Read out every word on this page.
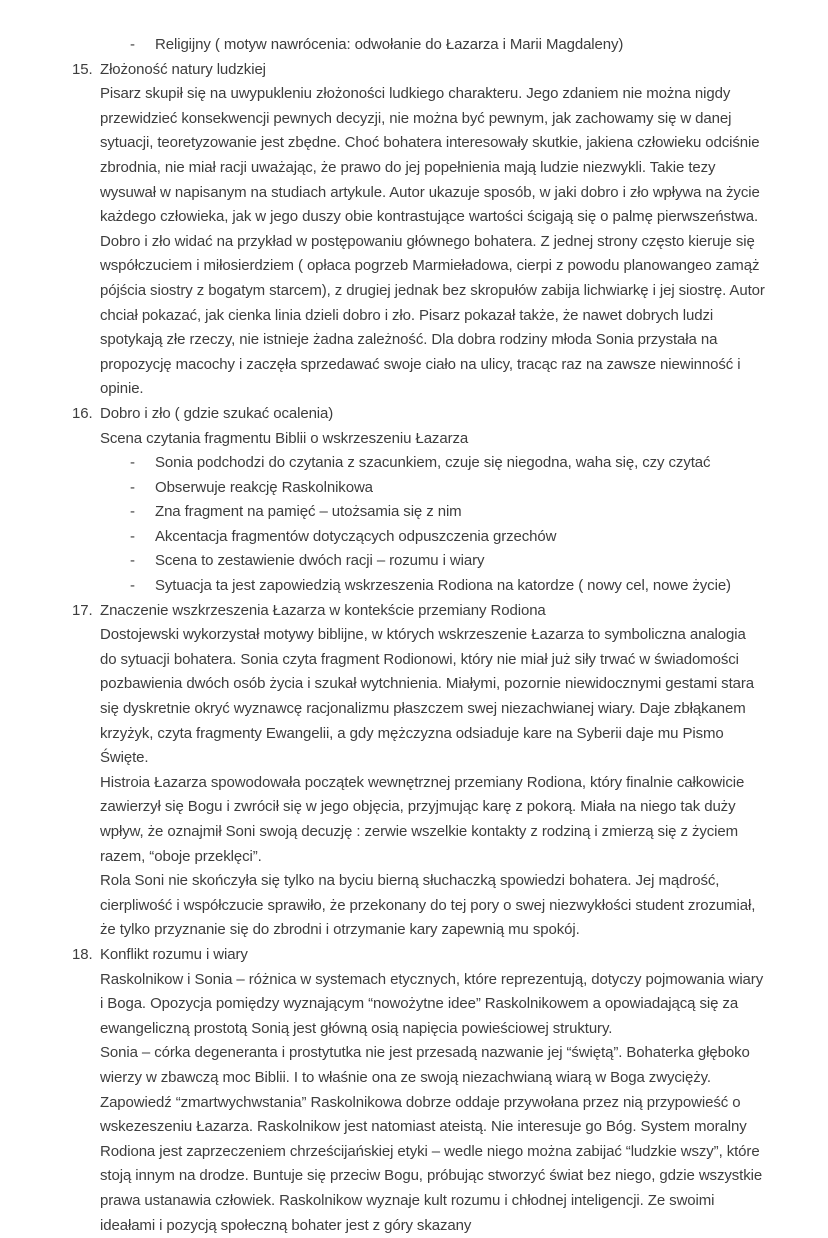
-	Religijny ( motyw nawrócenia: odwołanie do Łazarza i Marii Magdaleny)
15. Złożoność natury ludzkiej

Pisarz skupił się na uwypukleniu złożoności ludkiego charakteru. Jego zdaniem nie można nigdy przewidzieć konsekwencji pewnych decyzji, nie można być pewnym, jak zachowamy się w danej sytuacji, teoretyzowanie jest zbędne. Choć bohatera interesowały skutkie, jakiena człowieku odciśnie zbrodnia, nie miał racji uważając, że prawo do jej popełnienia mają ludzie niezwykli. Takie tezy wysuwał w napisanym na studiach artykule. Autor ukazuje sposób, w jaki dobro i zło wpływa na życie każdego człowieka, jak w jego duszy obie kontrastujące wartości ścigają się o palmę pierwszeństwa. Dobro i zło widać na przykład w postępowaniu głównego bohatera. Z jednej strony często kieruje się współczuciem i miłosierdziem ( opłaca pogrzeb Marmieładowa, cierpi z powodu planowangeo zamąż pójścia siostry z bogatym starcem), z drugiej jednak bez skropułów zabija lichwiarkę i jej siostrę. Autor chciał pokazać, jak cienka linia dzieli dobro i zło. Pisarz pokazał także, że nawet dobrych ludzi spotykają złe rzeczy, nie istnieje żadna zależność. Dla dobra rodziny młoda Sonia przystała na propozycję macochy i zaczęła sprzedawać swoje ciało na ulicy, tracąc raz na zawsze niewinność i opinie.

16. Dobro i zło ( gdzie szukać ocalenia)

Scena czytania fragmentu Biblii o wskrzeszeniu Łazarza

-	Sonia podchodzi do czytania z szacunkiem, czuje się niegodna, waha się, czy czytać
-	Obserwuje reakcję Raskolnikowa
-	Zna fragment na pamięć – utożsamia się z nim
-	Akcentacja fragmentów dotyczących odpuszczenia grzechów
-	Scena to zestawienie dwóch racji – rozumu i wiary
-	Sytuacja ta jest zapowiedzią wskrzeszenia Rodiona na katordze ( nowy cel, nowe życie)
17. Znaczenie wszkrzeszenia Łazarza w kontekście przemiany Rodiona

Dostojewski wykorzystał motywy biblijne, w których wskrzeszenie Łazarza to symboliczna analogia do sytuacji bohatera. Sonia czyta fragment Rodionowi, który nie miał już siły trwać w świadomości pozbawienia dwóch osób życia i szukał wytchnienia. Miałymi, pozornie niewidocznymi gestami stara się dyskretnie okryć wyznawcę racjonalizmu płaszczem swej niezachwianej wiary. Daje zbłąkanem krzyżyk, czyta fragmenty Ewangelii, a gdy mężczyzna odsiaduje kare na Syberii daje mu Pismo Święte.

Histroia Łazarza spowodowała początek wewnętrznej przemiany Rodiona, który finalnie całkowicie zawierzył się Bogu i zwrócił się w jego objęcia, przyjmując karę z pokorą. Miała na niego tak duży wpływ, że oznajmił Soni swoją decuzję : zerwie wszelkie kontakty z rodziną i zmierzą się z życiem razem, “oboje przeklęci”.

Rola Soni nie skończyła się tylko na byciu bierną słuchaczką spowiedzi bohatera. Jej mądrość, cierpliwość i współczucie sprawiło, że przekonany do tej pory o swej niezwykłości student zrozumiał, że tylko przyznanie się do zbrodni i otrzymanie kary zapewnią mu spokój.

18. Konflikt rozumu i wiary

Raskolnikow i Sonia – różnica w systemach etycznych, które reprezentują, dotyczy pojmowania wiary i Boga. Opozycja pomiędzy wyznającym “nowożytne idee” Raskolnikowem a opowiadającą się za ewangeliczną prostotą Sonią jest główną osią napięcia powieściowej struktury.

Sonia – córka degeneranta i prostytutka nie jest przesadą nazwanie jej “świętą”. Bohaterka głęboko wierzy w zbawczą moc Biblii. I to właśnie ona ze swoją niezachwianą wiarą w Boga zwycięży. Zapowiedź “zmartwychwstania” Raskolnikowa dobrze oddaje przywołana przez nią przypowieść o wskezeszeniu Łazarza. Raskolnikow jest natomiast ateistą. Nie interesuje go Bóg. System moralny Rodiona jest zaprzeczeniem chrześcijańskiej etyki – wedle niego można zabijać “ludzkie wszy”, które stoją innym na drodze. Buntuje się przeciw Bogu, próbując stworzyć świat bez niego, gdzie wszystkie prawa ustanawia człowiek. Raskolnikow wyznaje kult rozumu i chłodnej inteligencji. Ze swoimi ideałami i pozycją społeczną bohater jest z góry skazany
